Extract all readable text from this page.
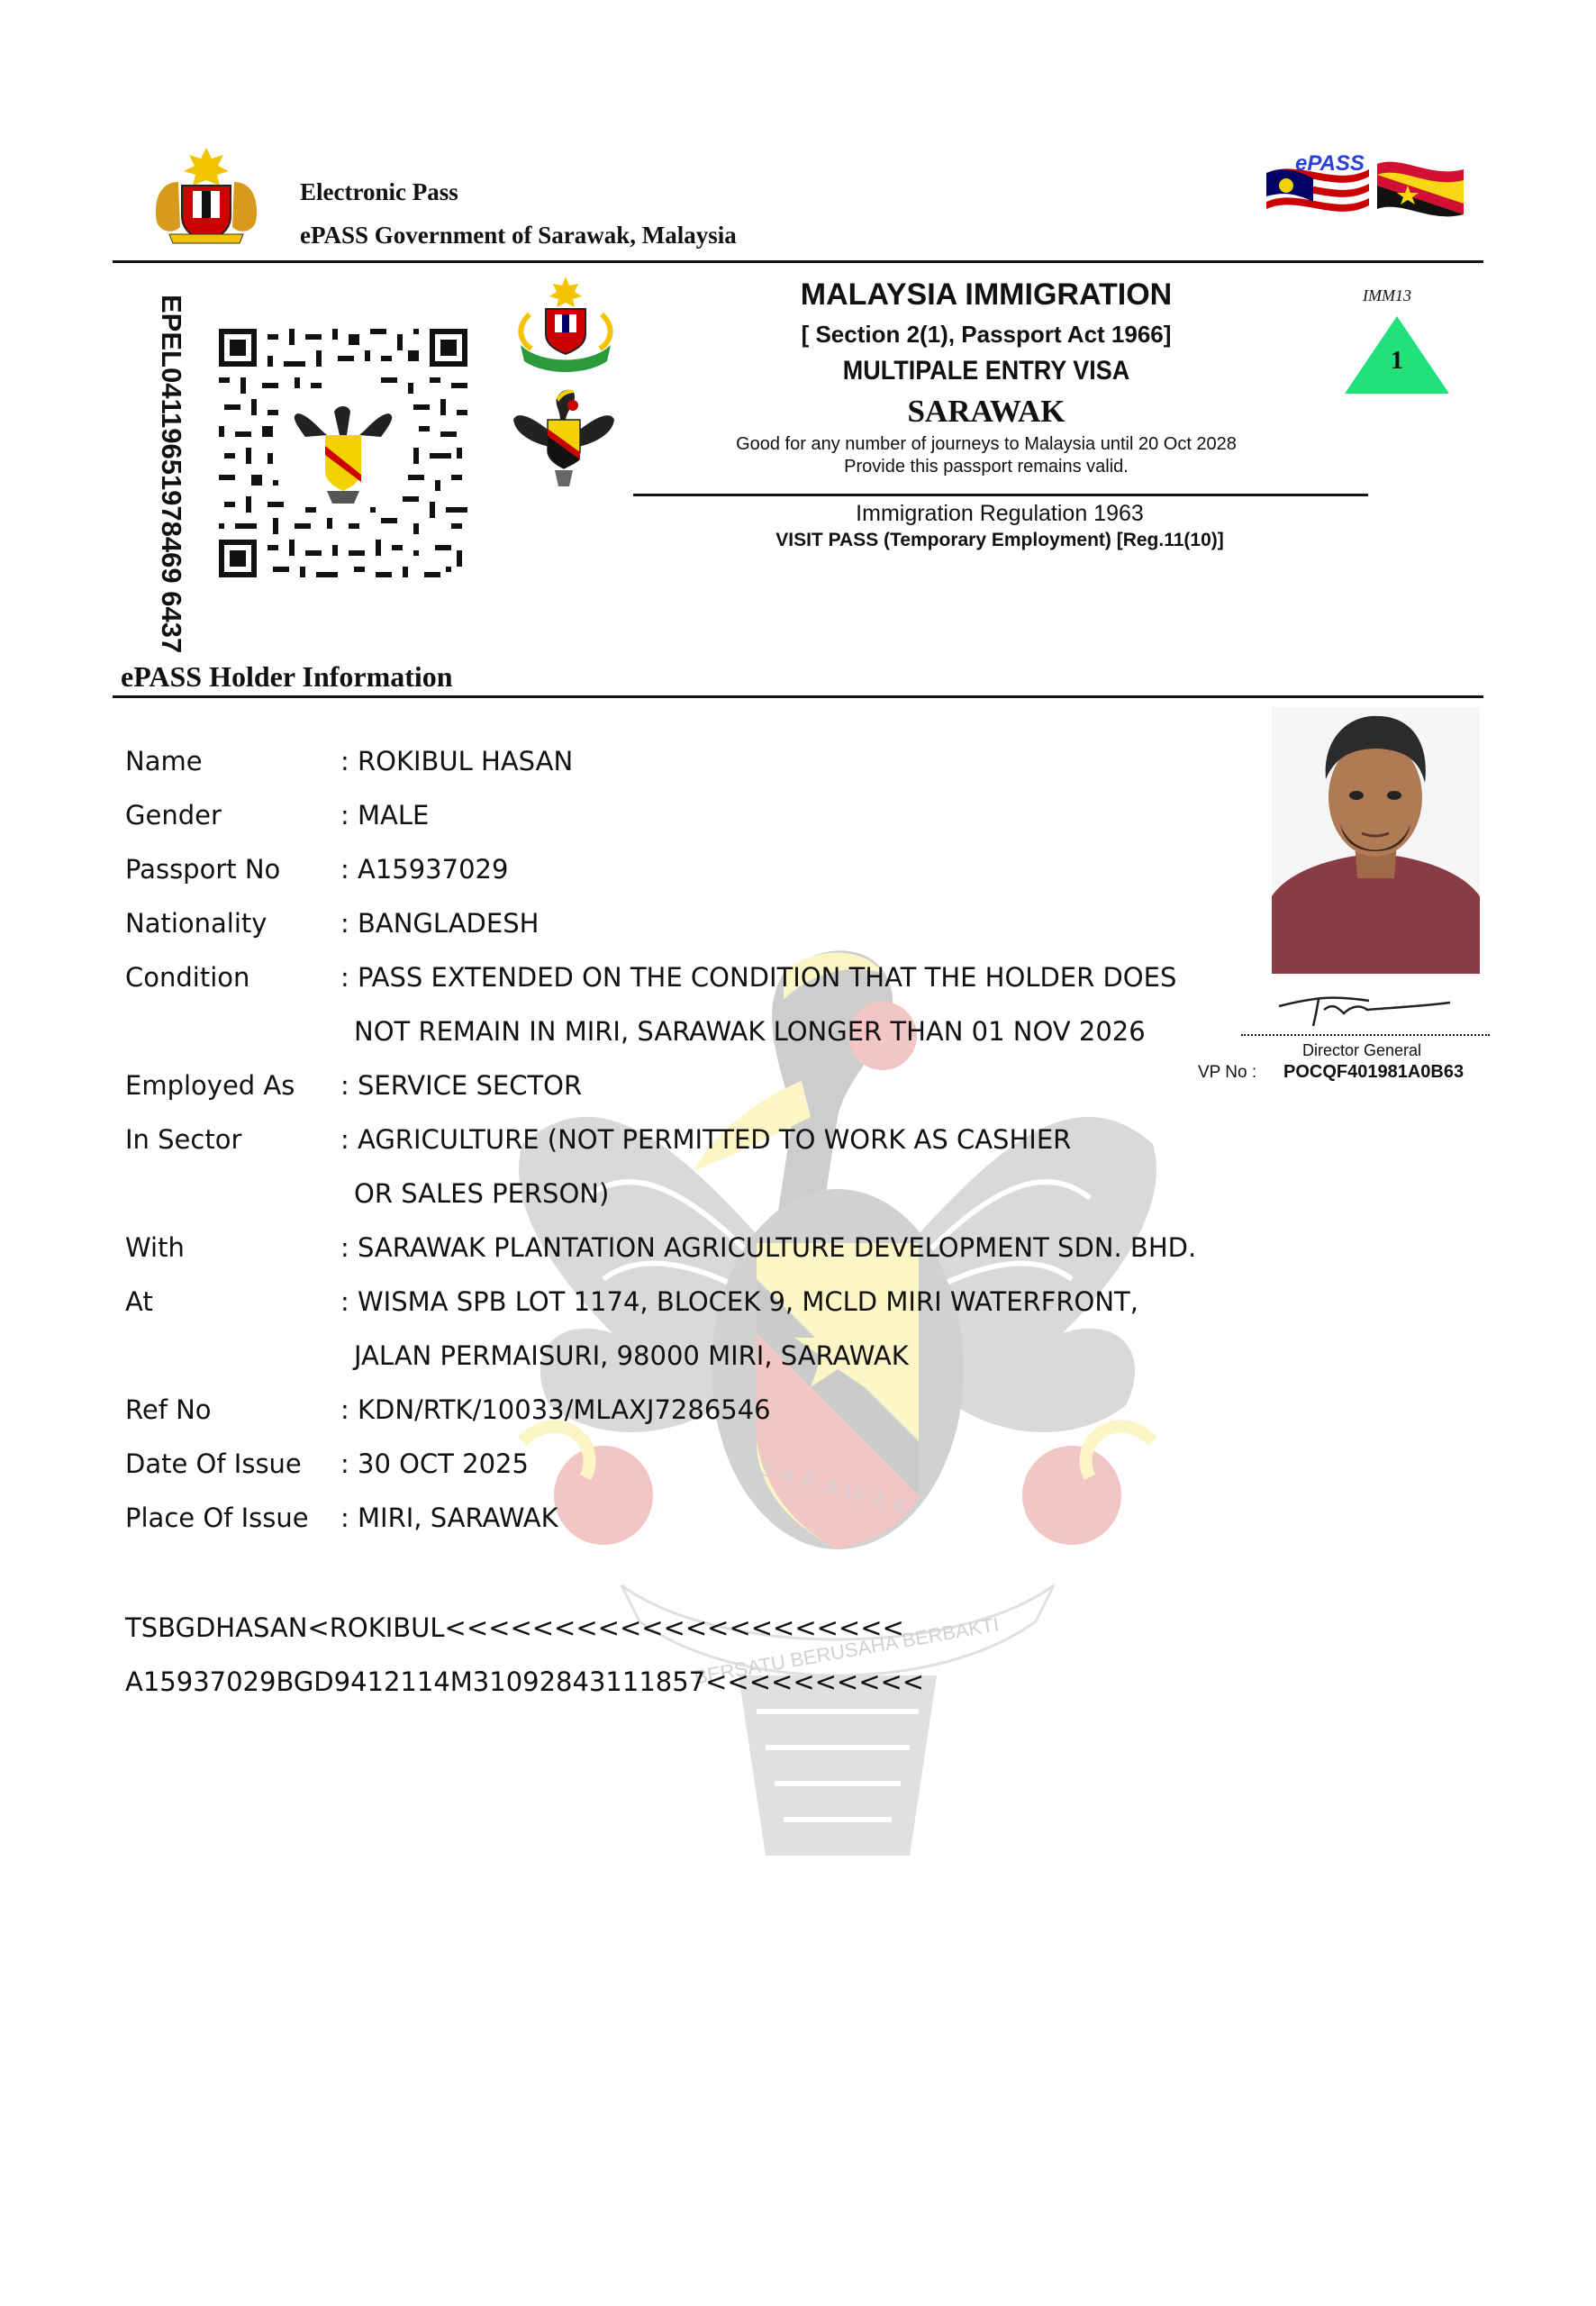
SARAWAK
BERSATU BERUSAHA BERBAKTI
Electronic Pass
ePASS Government of Sarawak, Malaysia
ePASS
EPEL04119651978469 6437	MALAYSIA IMMIGRATION
[ Section 2(1), Passport Act 1966]
MULTIPALE ENTRY VISA
SARAWAK
Good for any number of journeys to Malaysia until 20 Oct 2028
Provide this passport remains valid.
Immigration Regulation 1963
VISIT PASS (Temporary Employment) [Reg.11(10)]
IMM13
1
ePASS Holder Information
Name	: ROKIBUL HASAN
Gender	: MALE
Passport No : A15937029
Nationality	: BANGLADESH
Condition	: PASS EXTENDED ON THE CONDITION THAT THE HOLDER DOES
NOT REMAIN IN MIRI, SARAWAK LONGER THAN 01 NOV 2026
Employed As : SERVICE SECTOR
In Sector	: AGRICULTURE (NOT PERMITTED TO WORK AS CASHIER
OR SALES PERSON)
With	: SARAWAK PLANTATION AGRICULTURE DEVELOPMENT SDN. BHD.
At	: WISMA SPB LOT 1174, BLOCEK 9, MCLD MIRI WATERFRONT,
JALAN PERMAISURI, 98000 MIRI, SARAWAK
Ref No	: KDN/RTK/10033/MLAXJ7286546
Date Of Issue : 30 OCT 2025
Place Of Issue : MIRI, SARAWAK
Director General
VP No : POCQF401981A0B63
TSBGDHASAN<ROKIBUL<<<<<<<<<<<<<<<<<<<<<
A15937029BGD9412114M31092843111857<<<<<<<<<<
